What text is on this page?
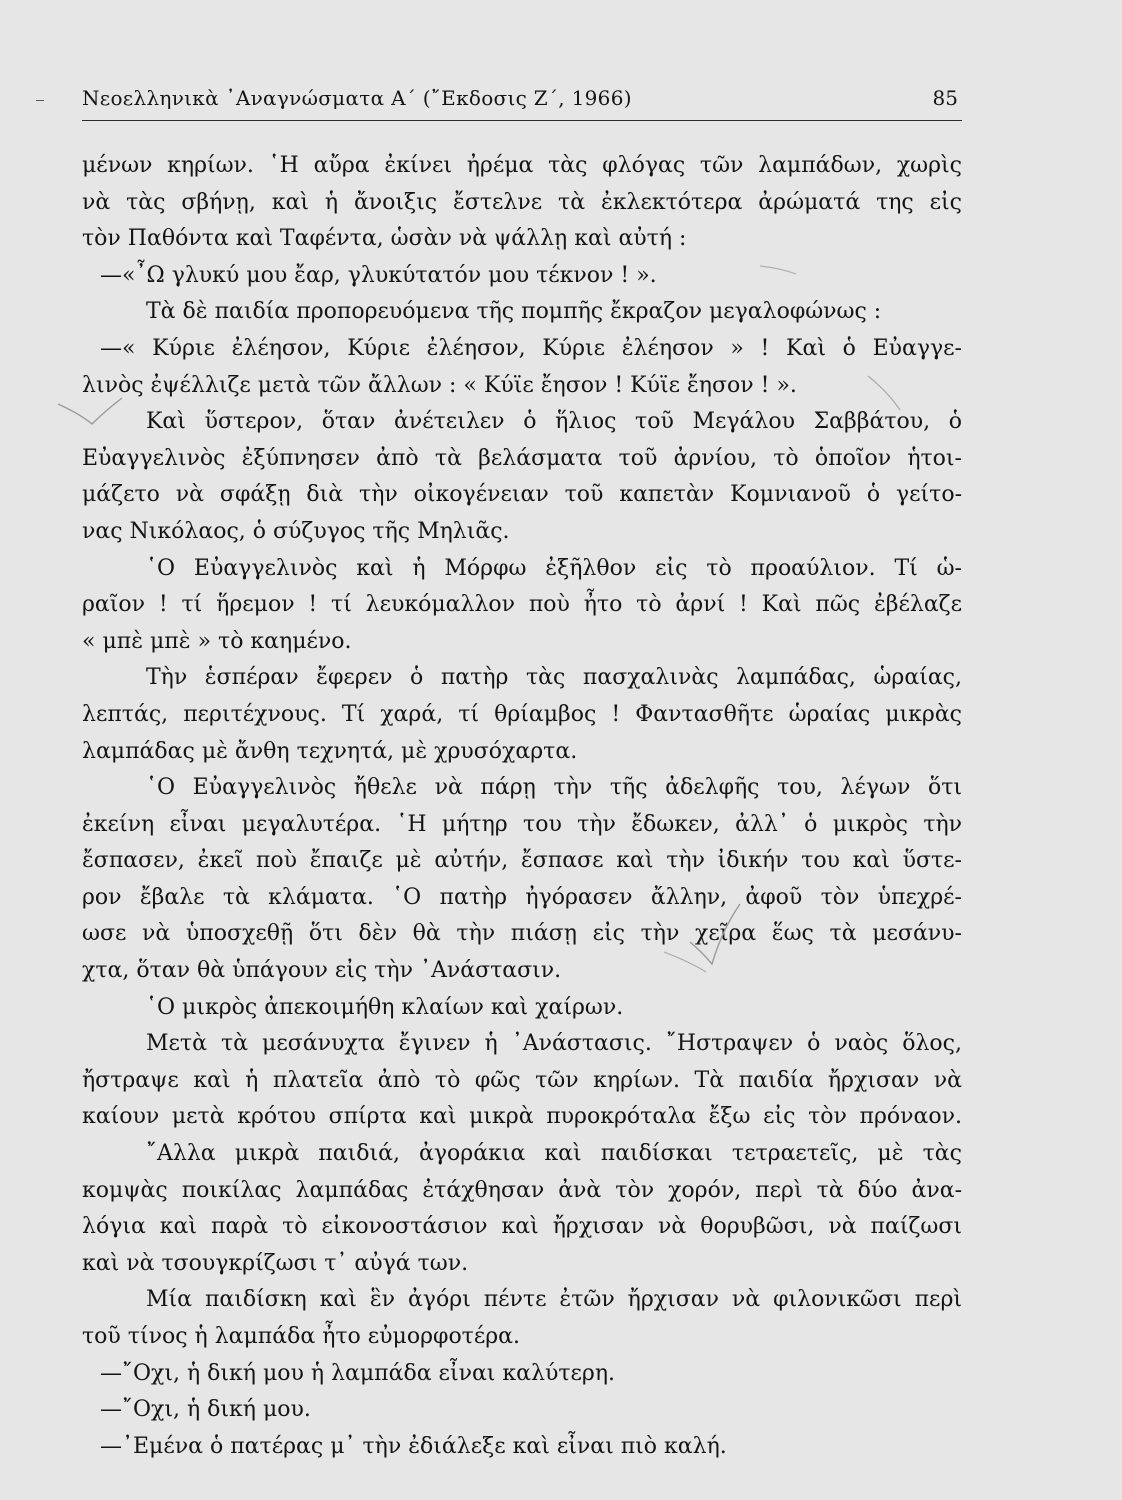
Νεοελληνικὰ ᾿Αναγνώσματα Α΄ (῎Εκδοσις Ζ΄, 1966)	85
μένων κηρίων. ῾Η αὔρα ἐκίνει ἠρέμα τὰς φλόγας τῶν λαμπάδων, χωρὶς
νὰ τὰς σβήνῃ, καὶ ἡ ἄνοιξις ἔστελνε τὰ ἐκλεκτότερα ἀρώματά της εἰς
τὸν Παθόντα καὶ Ταφέντα, ὡσὰν νὰ ψάλλῃ καὶ αὐτή :
—«῏Ω γλυκύ μου ἔαρ, γλυκύτατόν μου τέκνον ! ».
Τὰ δὲ παιδία προπορευόμενα τῆς πομπῆς ἔκραζον μεγαλοφώνως :
—« Κύριε ἐλέησον, Κύριε ἐλέησον, Κύριε ἐλέησον » ! Καὶ ὁ Εὐαγγε-
λινὸς ἐψέλλιζε μετὰ τῶν ἄλλων : « Κύϊε ἔησον ! Κύϊε ἔησον ! ».
Καὶ ὕστερον, ὅταν ἀνέτειλεν ὁ ἥλιος τοῦ Μεγάλου Σαββάτου, ὁ
Εὐαγγελινὸς ἐξύπνησεν ἀπὸ τὰ βελάσματα τοῦ ἀρνίου, τὸ ὁποῖον ἡτοι-
μάζετο νὰ σφάξῃ διὰ τὴν οἰκογένειαν τοῦ καπετὰν Κομνιανοῦ ὁ γείτο-
νας Νικόλαος, ὁ σύζυγος τῆς Μηλιᾶς.
῾Ο Εὐαγγελινὸς καὶ ἡ Μόρφω ἐξῆλθον εἰς τὸ προαύλιον. Τί ὡ-
ραῖον ! τί ἥρεμον ! τί λευκόμαλλον ποὺ ἦτο τὸ ἀρνί ! Καὶ πῶς ἐβέλαζε
« μπὲ μπὲ » τὸ καημένο.
Τὴν ἑσπέραν ἔφερεν ὁ πατὴρ τὰς πασχαλινὰς λαμπάδας, ὡραίας,
λεπτάς, περιτέχνους. Τί χαρά, τί θρίαμβος ! Φαντασθῆτε ὡραίας μικρὰς
λαμπάδας μὲ ἄνθη τεχνητά, μὲ χρυσόχαρτα.
῾Ο Εὐαγγελινὸς ἤθελε νὰ πάρῃ τὴν τῆς ἀδελφῆς του, λέγων ὅτι
ἐκείνη εἶναι μεγαλυτέρα. ῾Η μήτηρ του τὴν ἔδωκεν, ἀλλ᾿ ὁ μικρὸς τὴν
ἔσπασεν, ἐκεῖ ποὺ ἔπαιζε μὲ αὐτήν, ἔσπασε καὶ τὴν ἰδικήν του καὶ ὕστε-
ρον ἔβαλε τὰ κλάματα. ῾Ο πατὴρ ἠγόρασεν ἄλλην, ἀφοῦ τὸν ὑπεχρέ-
ωσε νὰ ὑποσχεθῇ ὅτι δὲν θὰ τὴν πιάσῃ εἰς τὴν χεῖρα ἕως τὰ μεσάνυ-
χτα, ὅταν θὰ ὑπάγουν εἰς τὴν ᾿Ανάστασιν.
῾Ο μικρὸς ἀπεκοιμήθη κλαίων καὶ χαίρων.
Μετὰ τὰ μεσάνυχτα ἔγινεν ἡ ᾿Ανάστασις. ῎Ηστραψεν ὁ ναὸς ὅλος,
ἤστραψε καὶ ἡ πλατεῖα ἀπὸ τὸ φῶς τῶν κηρίων. Τὰ παιδία ἤρχισαν νὰ
καίουν μετὰ κρότου σπίρτα καὶ μικρὰ πυροκρόταλα ἔξω εἰς τὸν πρόναον.
῎Αλλα μικρὰ παιδιά, ἀγοράκια καὶ παιδίσκαι τετραετεῖς, μὲ τὰς
κομψὰς ποικίλας λαμπάδας ἐτάχθησαν ἀνὰ τὸν χορόν, περὶ τὰ δύο ἀνα-
λόγια καὶ παρὰ τὸ εἰκονοστάσιον καὶ ἤρχισαν νὰ θορυβῶσι, νὰ παίζωσι
καὶ νὰ τσουγκρίζωσι τ᾿ αὐγά των.
Μία παιδίσκη καὶ ἓν ἀγόρι πέντε ἐτῶν ἤρχισαν νὰ φιλονικῶσι περὶ
τοῦ τίνος ἡ λαμπάδα ἦτο εὐμορφοτέρα.
—῎Οχι, ἡ δική μου ἡ λαμπάδα εἶναι καλύτερη.
—῎Οχι, ἡ δική μου.
—᾿Εμένα ὁ πατέρας μ᾿ τὴν ἐδιάλεξε καὶ εἶναι πιὸ καλή.
